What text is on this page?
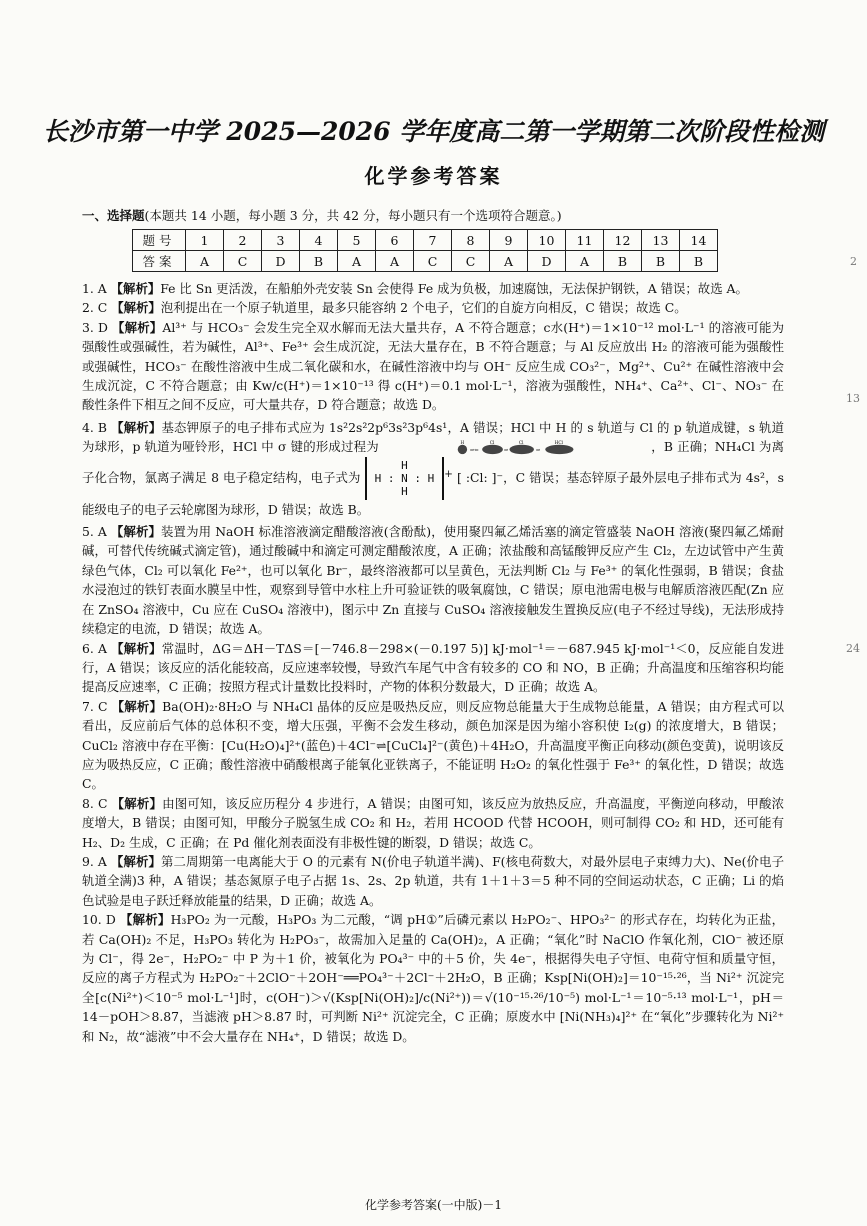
长沙市第一中学 2025—2026 学年度高二第一学期第二次阶段性检测
化学参考答案
一、选择题(本题共 14 小题，每小题 3 分，共 42 分，每小题只有一个选项符合题意。)
题号	1	2	3	4	5	6	7	8	9	10	11	12	13	14
答案	A	C	D	B	A	A	C	C	A	D	A	B	B	B

1. A 【解析】Fe 比 Sn 更活泼，在船舶外壳安装 Sn 会使得 Fe 成为负极，加速腐蚀，无法保护钢铁，A 错误；故选 A。

2. C 【解析】泡利提出在一个原子轨道里，最多只能容纳 2 个电子，它们的自旋方向相反，C 错误；故选 C。

3. D 【解析】Al³⁺ 与 HCO₃⁻ 会发生完全双水解而无法大量共存，A 不符合题意；c水(H⁺)＝1×10⁻¹² mol·L⁻¹ 的溶液可能为强酸性或强碱性，若为碱性，Al³⁺、Fe³⁺ 会生成沉淀，无法大量存在，B 不符合题意；与 Al 反应放出 H₂ 的溶液可能为强酸性或强碱性，HCO₃⁻ 在酸性溶液中生成二氧化碳和水，在碱性溶液中均与 OH⁻ 反应生成 CO₃²⁻，Mg²⁺、Cu²⁺ 在碱性溶液中会生成沉淀，C 不符合题意；由 Kw/c(H⁺)＝1×10⁻¹³ 得 c(H⁺)＝0.1 mol·L⁻¹，溶液为强酸性，NH₄⁺、Ca²⁺、Cl⁻、NO₃⁻ 在酸性条件下相互之间不反应，可大量共存，D 符合题意；故选 D。

4. B 【解析】基态钾原子的电子排布式应为 1s²2s²2p⁶3s²3p⁶4s¹，A 错误；HCl 中 H 的 s 轨道与 Cl 的 p 轨道成键，s 轨道为球形，p 轨道为哑铃形，HCl 中 σ 键的形成过程为	H
⇒⇐
Cl
⇒
Cl
⇒
HCl	，B 正确；NH₄Cl 为离子化合物，氯离子满足 8 电子稳定结构，电子式为 H
H : N : H
H+ [ :Cl: ]⁻，C 错误；基态锌原子最外层电子排布式为 4s²，s 能级电子的电子云轮廓图为球形，D 错误；故选 B。

5. A 【解析】装置为用 NaOH 标准溶液滴定醋酸溶液(含酚酞)，使用聚四氟乙烯活塞的滴定管盛装 NaOH 溶液(聚四氟乙烯耐碱，可替代传统碱式滴定管)，通过酸碱中和滴定可测定醋酸浓度，A 正确；浓盐酸和高锰酸钾反应产生 Cl₂，左边试管中产生黄绿色气体，Cl₂ 可以氧化 Fe²⁺，也可以氧化 Br⁻，最终溶液都可以呈黄色，无法判断 Cl₂ 与 Fe³⁺ 的氧化性强弱，B 错误；食盐水浸泡过的铁钉表面水膜呈中性，观察到导管中水柱上升可验证铁的吸氧腐蚀，C 错误；原电池需电极与电解质溶液匹配(Zn 应在 ZnSO₄ 溶液中，Cu 应在 CuSO₄ 溶液中)，图示中 Zn 直接与 CuSO₄ 溶液接触发生置换反应(电子不经过导线)，无法形成持续稳定的电流，D 错误；故选 A。

6. A 【解析】常温时，ΔG＝ΔH－TΔS＝[－746.8－298×(－0.197 5)] kJ·mol⁻¹＝－687.945 kJ·mol⁻¹＜0，反应能自发进行，A 错误；该反应的活化能较高，反应速率较慢，导致汽车尾气中含有较多的 CO 和 NO，B 正确；升高温度和压缩容积均能提高反应速率，C 正确；按照方程式计量数比投料时，产物的体积分数最大，D 正确；故选 A。

7. C 【解析】Ba(OH)₂·8H₂O 与 NH₄Cl 晶体的反应是吸热反应，则反应物总能量大于生成物总能量，A 错误；由方程式可以看出，反应前后气体的总体积不变，增大压强，平衡不会发生移动，颜色加深是因为缩小容积使 I₂(g) 的浓度增大，B 错误；CuCl₂ 溶液中存在平衡：[Cu(H₂O)₄]²⁺(蓝色)＋4Cl⁻⇌[CuCl₄]²⁻(黄色)＋4H₂O，升高温度平衡正向移动(颜色变黄)，说明该反应为吸热反应，C 正确；酸性溶液中硝酸根离子能氧化亚铁离子，不能证明 H₂O₂ 的氧化性强于 Fe³⁺ 的氧化性，D 错误；故选 C。

8. C 【解析】由图可知，该反应历程分 4 步进行，A 错误；由图可知，该反应为放热反应，升高温度，平衡逆向移动，甲酸浓度增大，B 错误；由图可知，甲酸分子脱氢生成 CO₂ 和 H₂，若用 HCOOD 代替 HCOOH，则可制得 CO₂ 和 HD，还可能有 H₂、D₂ 生成，C 正确；在 Pd 催化剂表面没有非极性键的断裂，D 错误；故选 C。

9. A 【解析】第二周期第一电离能大于 O 的元素有 N(价电子轨道半满)、F(核电荷数大，对最外层电子束缚力大)、Ne(价电子轨道全满)3 种，A 错误；基态氮原子电子占据 1s、2s、2p 轨道，共有 1＋1＋3＝5 种不同的空间运动状态，C 正确；Li 的焰色试验是电子跃迁释放能量的结果，D 正确；故选 A。

10. D 【解析】H₃PO₂ 为一元酸，H₃PO₃ 为二元酸，“调 pH①”后磷元素以 H₂PO₂⁻、HPO₃²⁻ 的形式存在，均转化为正盐，若 Ca(OH)₂ 不足，H₃PO₃ 转化为 H₂PO₃⁻，故需加入足量的 Ca(OH)₂，A 正确；“氧化”时 NaClO 作氧化剂，ClO⁻ 被还原为 Cl⁻，得 2e⁻，H₂PO₂⁻ 中 P 为＋1 价，被氧化为 PO₄³⁻ 中的＋5 价，失 4e⁻，根据得失电子守恒、电荷守恒和质量守恒，反应的离子方程式为 H₂PO₂⁻＋2ClO⁻＋2OH⁻══PO₄³⁻＋2Cl⁻＋2H₂O，B 正确；Ksp[Ni(OH)₂]＝10⁻¹⁵·²⁶，当 Ni²⁺ 沉淀完全[c(Ni²⁺)＜10⁻⁵ mol·L⁻¹]时，c(OH⁻)＞√(Ksp[Ni(OH)₂]/c(Ni²⁺))＝√(10⁻¹⁵·²⁶/10⁻⁵) mol·L⁻¹＝10⁻⁵·¹³ mol·L⁻¹，pH＝14－pOH＞8.87，当滤液 pH＞8.87 时，可判断 Ni²⁺ 沉淀完全，C 正确；原废水中 [Ni(NH₃)₄]²⁺ 在“氧化”步骤转化为 Ni²⁺ 和 N₂，故“滤液”中不会大量存在 NH₄⁺，D 错误；故选 D。

2
13
24
化学参考答案(一中版)－1
